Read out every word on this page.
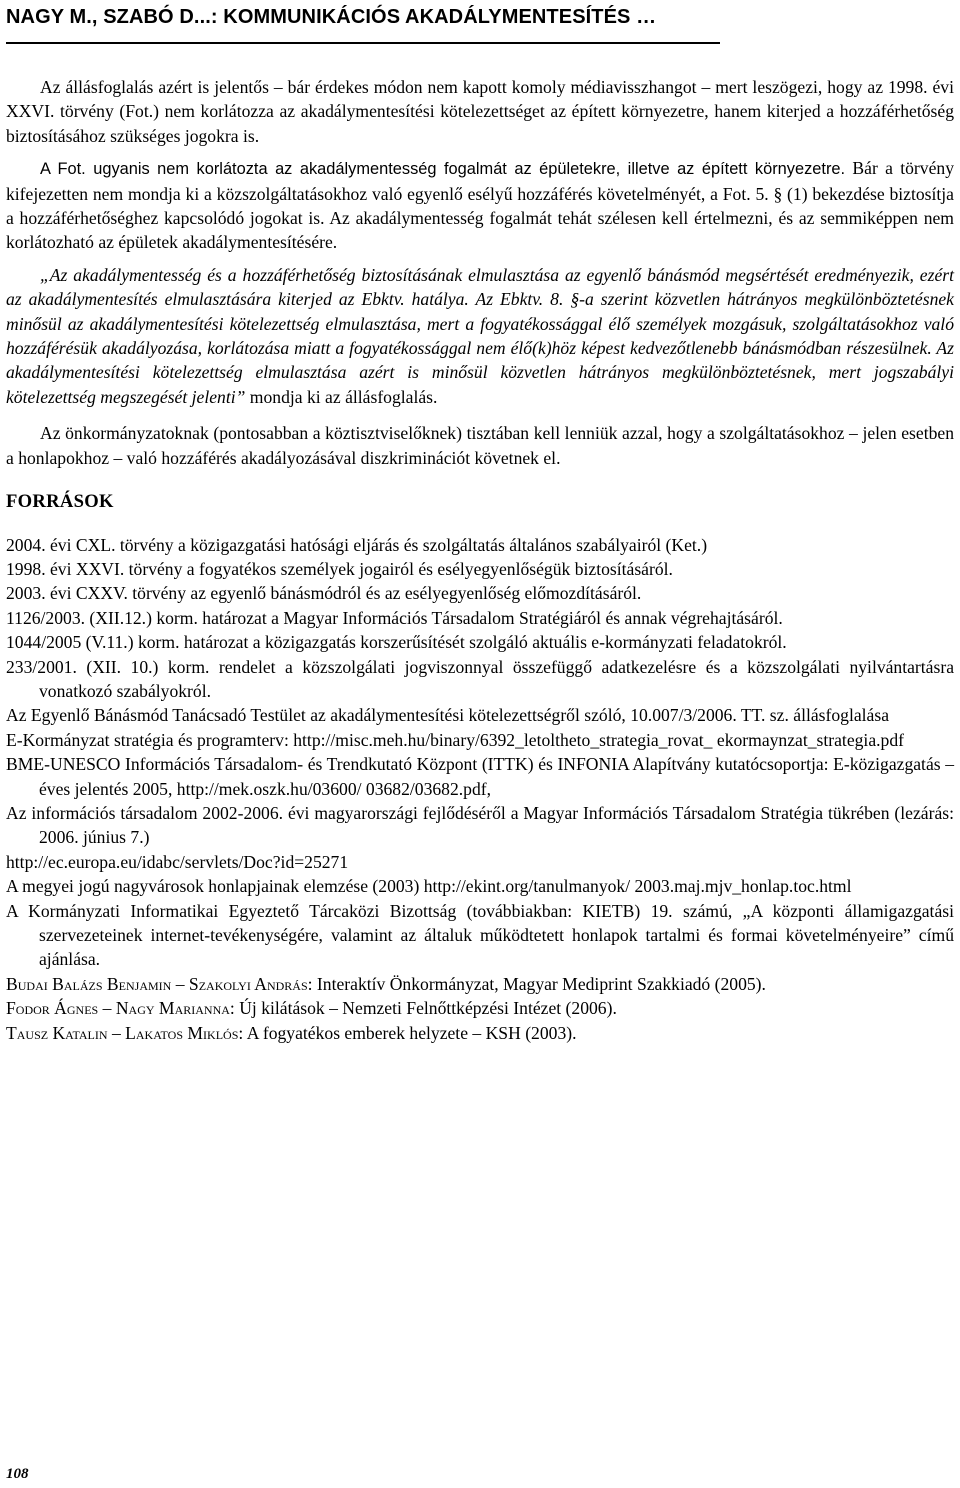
NAGY M., SZABÓ D...: KOMMUNIKÁCIÓS AKADÁLYMENTESÍTÉS …

Az állásfoglalás azért is jelentős – bár érdekes módon nem kapott komoly médiavisszhangot – mert leszögezi, hogy az 1998. évi XXVI. törvény (Fot.) nem korlátozza az akadálymentesítési kötelezettséget az épített környezetre, hanem kiterjed a hozzáférhetőség biztosításához szükséges jogokra is.

A Fot. ugyanis nem korlátozta az akadálymentesség fogalmát az épületekre, illetve az épített környezetre. Bár a törvény kifejezetten nem mondja ki a közszolgáltatásokhoz való egyenlő esélyű hozzáférés követelményét, a Fot. 5. § (1) bekezdése biztosítja a hozzáférhetőséghez kapcsolódó jogokat is. Az akadálymentesség fogalmát tehát szélesen kell értelmezni, és az semmiképpen nem korlátozható az épületek akadálymentesítésére.

„Az akadálymentesség és a hozzáférhetőség biztosításának elmulasztása az egyenlő bánásmód megsértését eredményezik, ezért az akadálymentesítés elmulasztására kiterjed az Ebktv. hatálya. Az Ebktv. 8. §-a szerint közvetlen hátrányos megkülönböztetésnek minősül az akadálymentesítési kötelezettség elmulasztása, mert a fogyatékossággal élő személyek mozgásuk, szolgáltatásokhoz való hozzáférésük akadályozása, korlátozása miatt a fogyatékossággal nem élő(k)höz képest kedvezőtlenebb bánásmódban részesülnek. Az akadálymentesítési kötelezettség elmulasztása azért is minősül közvetlen hátrányos megkülönböztetésnek, mert jogszabályi kötelezettség megszegését jelenti” mondja ki az állásfoglalás.

Az önkormányzatoknak (pontosabban a köztisztviselőknek) tisztában kell lenniük azzal, hogy a szolgáltatásokhoz – jelen esetben a honlapokhoz – való hozzáférés akadályozásával diszkriminációt követnek el.

FORRÁSOK
2004. évi CXL. törvény a közigazgatási hatósági eljárás és szolgáltatás általános szabályairól (Ket.)
1998. évi XXVI. törvény a fogyatékos személyek jogairól és esélyegyenlőségük biztosításáról.
2003. évi CXXV. törvény az egyenlő bánásmódról és az esélyegyenlőség előmozdításáról.
1126/2003. (XII.12.) korm. határozat a Magyar Információs Társadalom Stratégiáról és annak végrehajtásáról.
1044/2005 (V.11.) korm. határozat a közigazgatás korszerűsítését szolgáló aktuális e-kormányzati feladatokról.
233/2001. (XII. 10.) korm. rendelet a közszolgálati jogviszonnyal összefüggő adatkezelésre és a közszolgálati nyilvántartásra vonatkozó szabályokról.
Az Egyenlő Bánásmód Tanácsadó Testület az akadálymentesítési kötelezettségről szóló, 10.007/3/2006. TT. sz. állásfoglalása
E-Kormányzat stratégia és programterv: http://misc.meh.hu/binary/6392_letoltheto_strategia_rovat_ ekormaynzat_strategia.pdf
BME-UNESCO Információs Társadalom- és Trendkutató Központ (ITTK) és INFONIA Alapítvány kutatócsoportja: E-közigazgatás – éves jelentés 2005, http://mek.oszk.hu/03600/ 03682/03682.pdf,
Az információs társadalom 2002-2006. évi magyarországi fejlődéséről a Magyar Információs Társadalom Stratégia tükrében (lezárás: 2006. június 7.)
http://ec.europa.eu/idabc/servlets/Doc?id=25271
A megyei jogú nagyvárosok honlapjainak elemzése (2003) http://ekint.org/tanulmanyok/ 2003.maj.mjv_honlap.toc.html
A Kormányzati Informatikai Egyeztető Tárcaközi Bizottság (továbbiakban: KIETB) 19. számú, „A központi államigazgatási szervezeteinek internet-tevékenységére, valamint az általuk működtetett honlapok tartalmi és formai követelményeire” című ajánlása.
Budai Balázs Benjamin – Szakolyi András: Interaktív Önkormányzat, Magyar Mediprint Szakkiadó (2005).
Fodor Ágnes – Nagy Marianna: Új kilátások – Nemzeti Felnőttképzési Intézet (2006).
Tausz Katalin – Lakatos Miklós: A fogyatékos emberek helyzete – KSH (2003).
108
